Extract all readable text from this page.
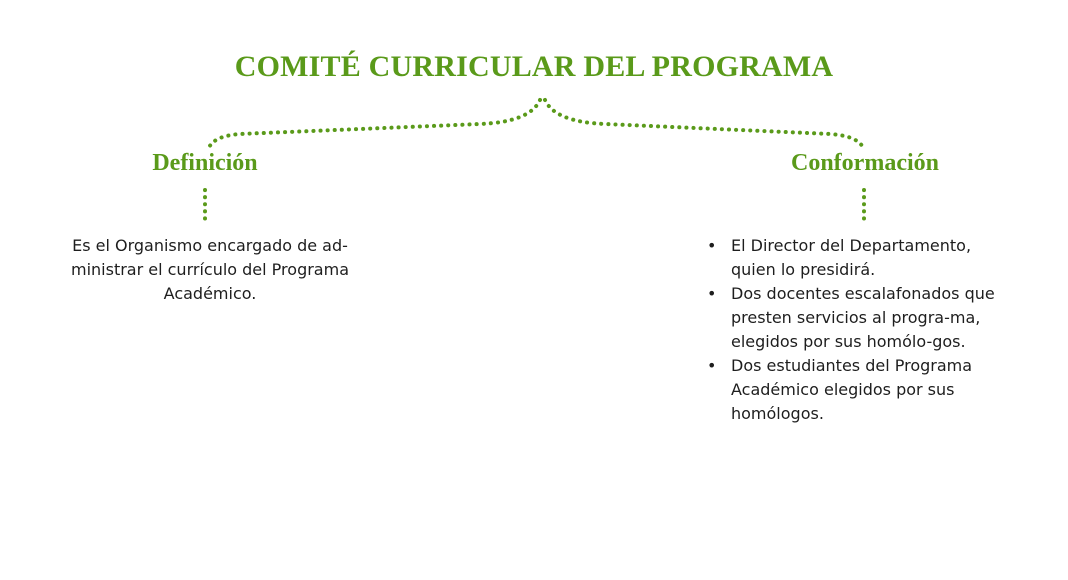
COMITÉ CURRICULAR DEL PROGRAMA
Definición	Conformación
Es el Organismo encargado de ad-ministrar el currículo del Programa Académico.
• El Director del Departamento, quien lo presidirá.
• Dos docentes escalafonados que presten servicios al progra-ma, elegidos por sus homólo-gos.
• Dos estudiantes del Programa Académico elegidos por sus homólogos.
